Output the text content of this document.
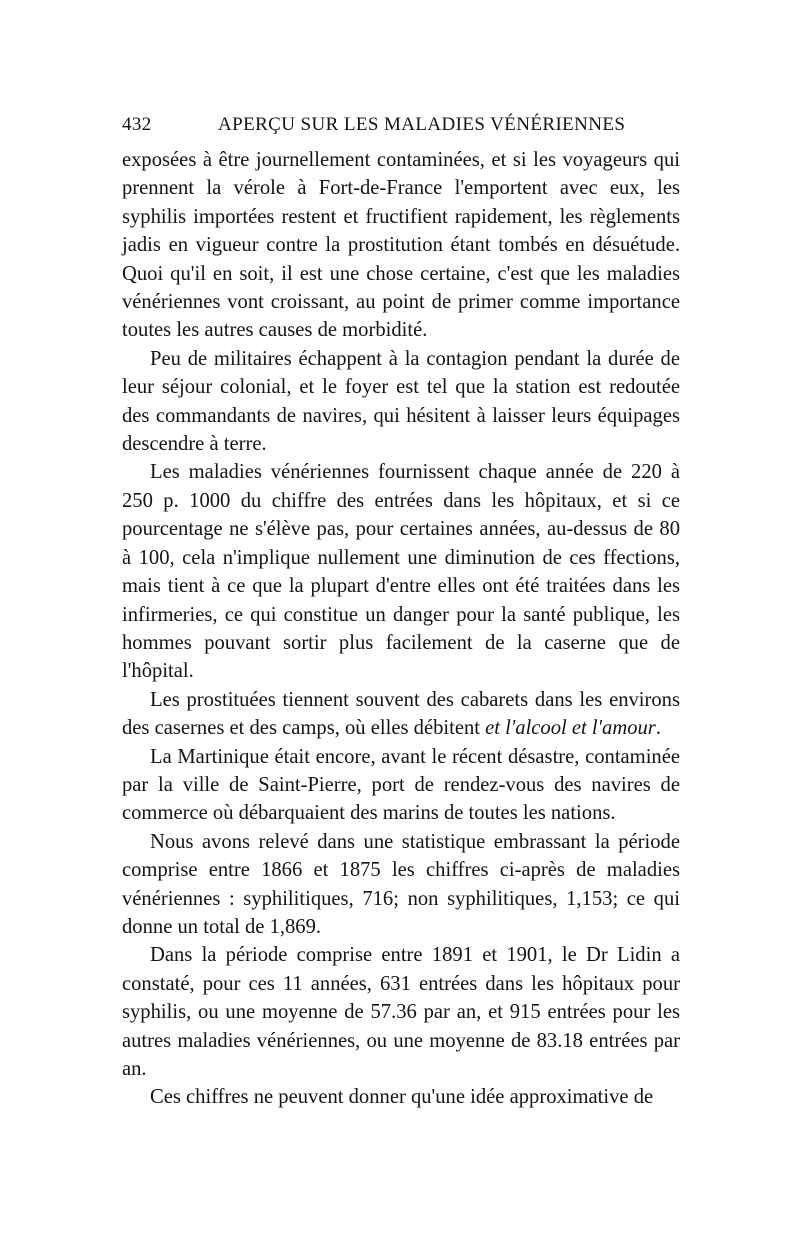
432	APERÇU SUR LES MALADIES VÉNÉRIENNES

exposées à être journellement contaminées, et si les voyageurs qui prennent la vérole à Fort-de-France l'emportent avec eux, les syphilis importées restent et fructifient rapidement, les règlements jadis en vigueur contre la prostitution étant tombés en désuétude. Quoi qu'il en soit, il est une chose certaine, c'est que les maladies vénériennes vont croissant, au point de primer comme importance toutes les autres causes de morbidité.

Peu de militaires échappent à la contagion pendant la durée de leur séjour colonial, et le foyer est tel que la station est redoutée des commandants de navires, qui hésitent à laisser leurs équipages descendre à terre.

Les maladies vénériennes fournissent chaque année de 220 à 250 p. 1000 du chiffre des entrées dans les hôpitaux, et si ce pourcentage ne s'élève pas, pour certaines années, au-dessus de 80 à 100, cela n'implique nullement une diminution de ces ffections, mais tient à ce que la plupart d'entre elles ont été traitées dans les infirmeries, ce qui constitue un danger pour la santé publique, les hommes pouvant sortir plus facilement de la caserne que de l'hôpital.

Les prostituées tiennent souvent des cabarets dans les environs des casernes et des camps, où elles débitent et l'alcool et l'amour.

La Martinique était encore, avant le récent désastre, contaminée par la ville de Saint-Pierre, port de rendez-vous des navires de commerce où débarquaient des marins de toutes les nations.

Nous avons relevé dans une statistique embrassant la période comprise entre 1866 et 1875 les chiffres ci-après de maladies vénériennes : syphilitiques, 716; non syphilitiques, 1,153; ce qui donne un total de 1,869.

Dans la période comprise entre 1891 et 1901, le Dr Lidin a constaté, pour ces 11 années, 631 entrées dans les hôpitaux pour syphilis, ou une moyenne de 57.36 par an, et 915 entrées pour les autres maladies vénériennes, ou une moyenne de 83.18 entrées par an.

Ces chiffres ne peuvent donner qu'une idée approximative de
